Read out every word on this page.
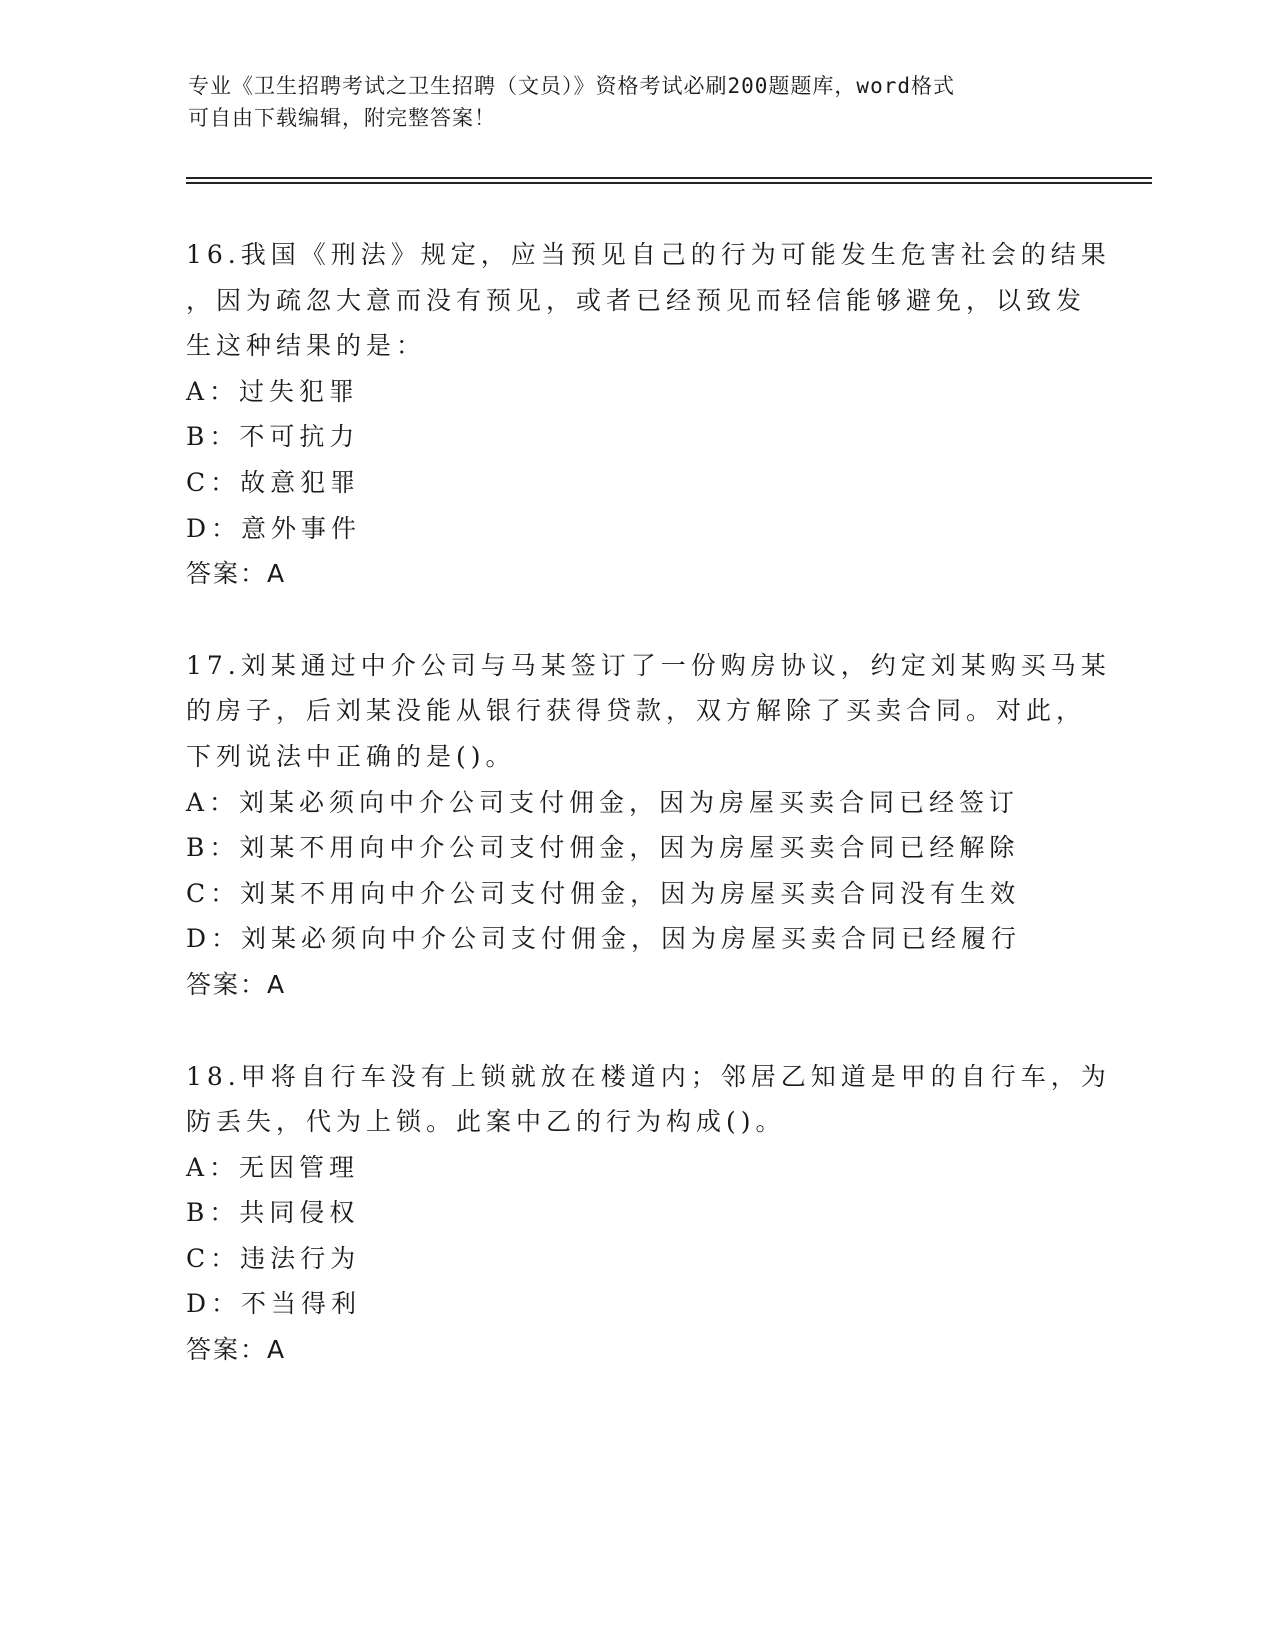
专业《卫生招聘考试之卫生招聘（文员）》资格考试必刷200题题库，word格式
可自由下载编辑，附完整答案！
16.我国《刑法》规定，应当预见自己的行为可能发生危害社会的结果
，因为疏忽大意而没有预见，或者已经预见而轻信能够避免，以致发
生这种结果的是：
A：过失犯罪
B：不可抗力
C：故意犯罪
D：意外事件
答案：A
17.刘某通过中介公司与马某签订了一份购房协议，约定刘某购买马某
的房子，后刘某没能从银行获得贷款，双方解除了买卖合同。对此，
下列说法中正确的是()。
A：刘某必须向中介公司支付佣金，因为房屋买卖合同已经签订
B：刘某不用向中介公司支付佣金，因为房屋买卖合同已经解除
C：刘某不用向中介公司支付佣金，因为房屋买卖合同没有生效
D：刘某必须向中介公司支付佣金，因为房屋买卖合同已经履行
答案：A
18.甲将自行车没有上锁就放在楼道内；邻居乙知道是甲的自行车，为
防丢失，代为上锁。此案中乙的行为构成()。
A：无因管理
B：共同侵权
C：违法行为
D：不当得利
答案：A
